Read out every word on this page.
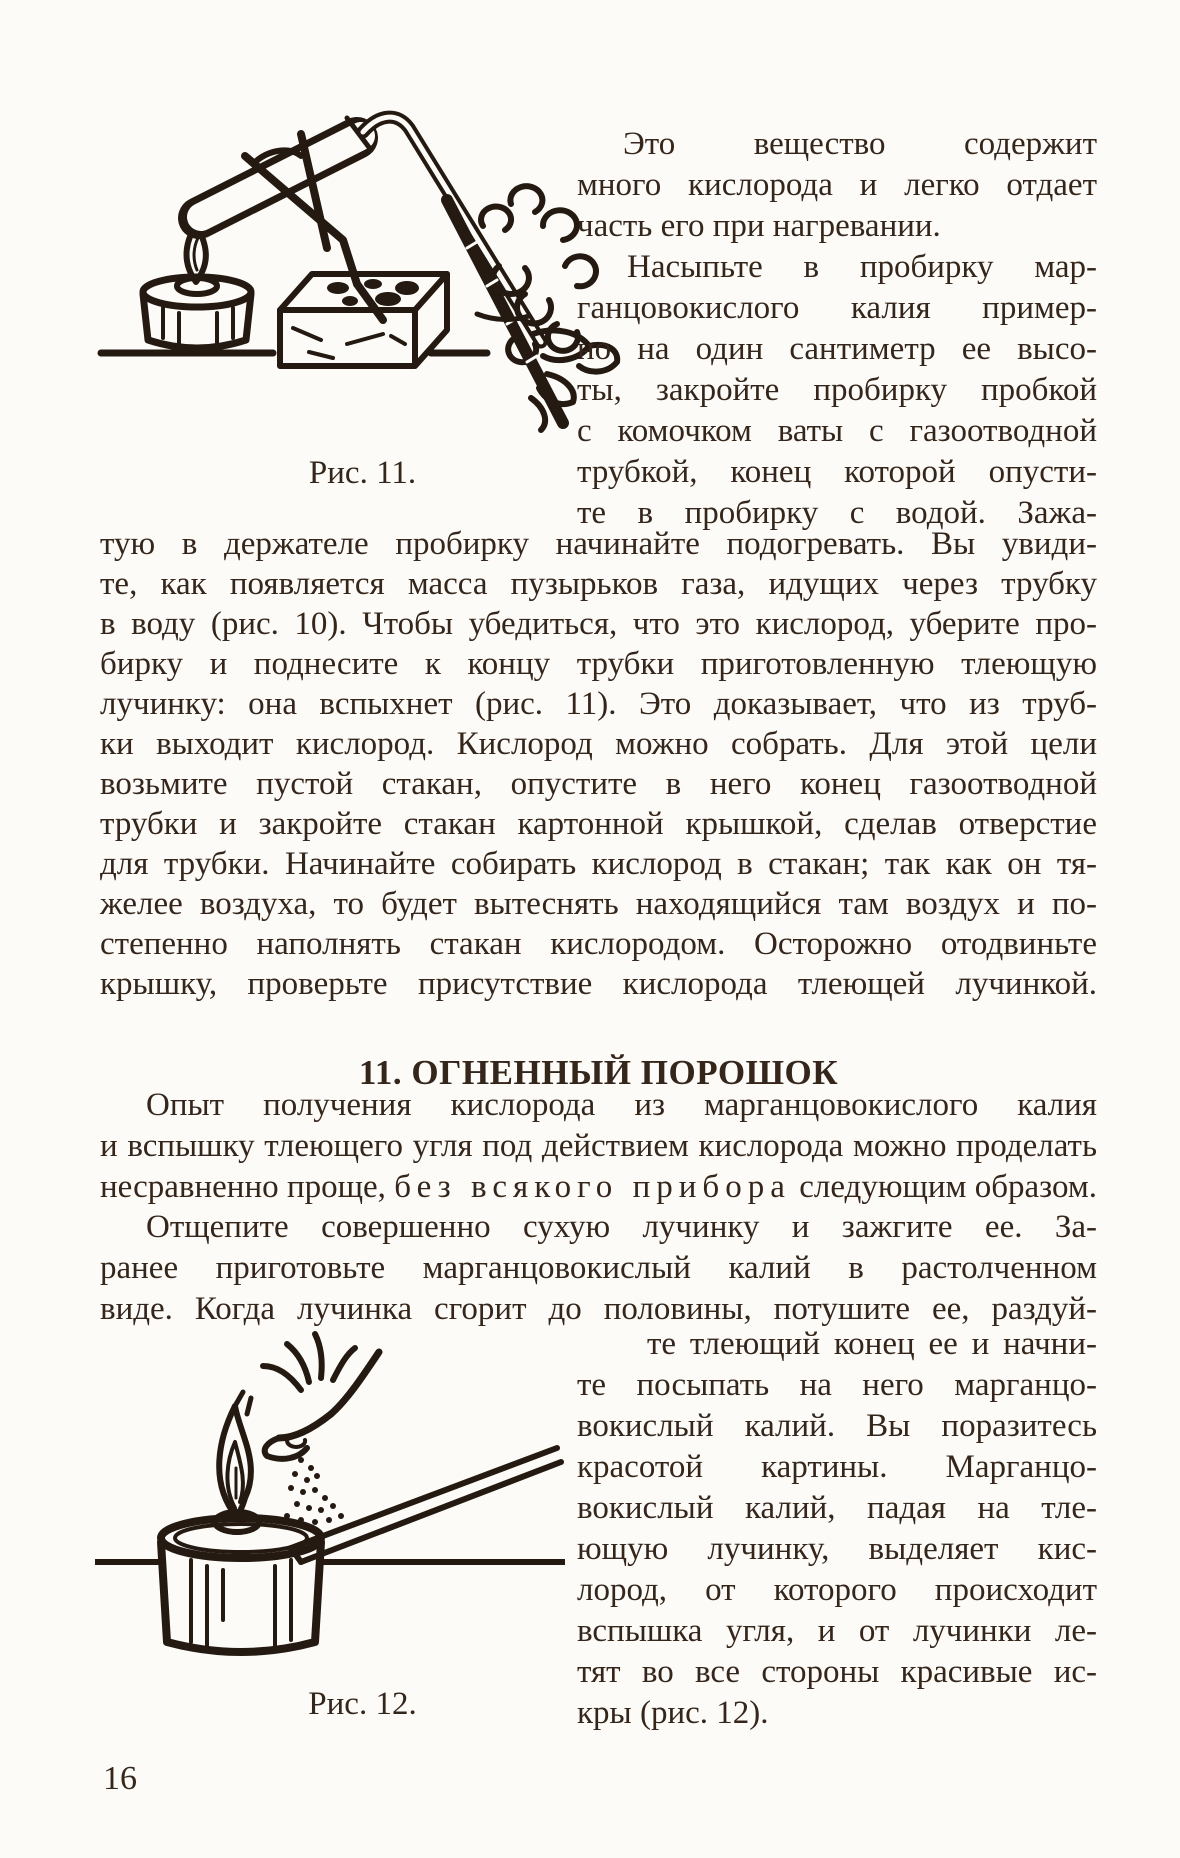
Рис. 11.
Это вещество содержит
много кислорода и легко отдает
часть его при нагревании.
Насыпьте в пробирку мар-
ганцовокислого калия пример-
но на один сантиметр ее высо-
ты, закройте пробирку пробкой
с комочком ваты с газоотводной
трубкой, конец которой опусти-
те в пробирку с водой. Зажа-
тую в держателе пробирку начинайте подогревать. Вы увиди-
те, как появляется масса пузырьков газа, идущих через трубку
в воду (рис. 10). Чтобы убедиться, что это кислород, уберите про-
бирку и поднесите к концу трубки приготовленную тлеющую
лучинку: она вспыхнет (рис. 11). Это доказывает, что из труб-
ки выходит кислород. Кислород можно собрать. Для этой цели
возьмите пустой стакан, опустите в него конец газоотводной
трубки и закройте стакан картонной крышкой, сделав отверстие
для трубки. Начинайте собирать кислород в стакан; так как он тя-
желее воздуха, то будет вытеснять находящийся там воздух и по-
степенно наполнять стакан кислородом. Осторожно отодвиньте
крышку, проверьте присутствие кислорода тлеющей лучинкой.
11. ОГНЕННЫЙ ПОРОШОК
Опыт получения кислорода из марганцовокислого калия
и вспышку тлеющего угля под действием кислорода можно проделать
несравненно проще, без всякого прибора следующим образом.
Отщепите совершенно сухую лучинку и зажгите ее. За-
ранее приготовьте марганцовокислый калий в растолченном
виде. Когда лучинка сгорит до половины, потушите ее, раздуй-
те тлеющий конец ее и начни-
те посыпать на него марганцо-
вокислый калий. Вы поразитесь
красотой картины. Марганцо-
вокислый калий, падая на тле-
ющую лучинку, выделяет кис-
лород, от которого происходит
вспышка угля, и от лучинки ле-
тят во все стороны красивые ис-
кры (рис. 12).
Рис. 12.
16
